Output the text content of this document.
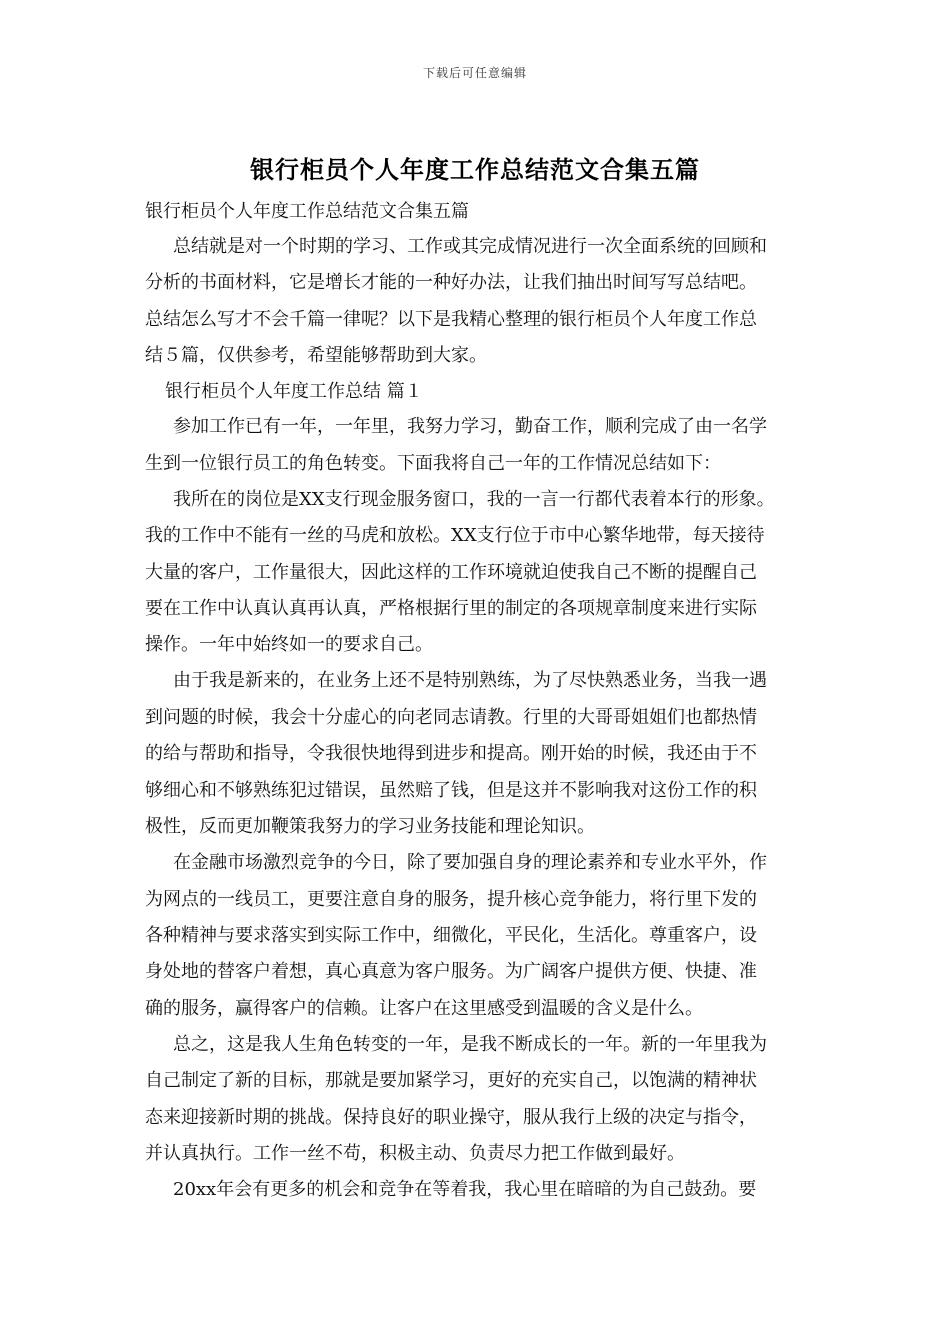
下载后可任意编辑
银行柜员个人年度工作总结范文合集五篇
银行柜员个人年度工作总结范文合集五篇
总结就是对一个时期的学习、工作或其完成情况进行一次全面系统的回顾和
分析的书面材料，它是增长才能的一种好办法，让我们抽出时间写写总结吧。
总结怎么写才不会千篇一律呢？以下是我精心整理的银行柜员个人年度工作总
结５篇，仅供参考，希望能够帮助到大家。
银行柜员个人年度工作总结 篇１
参加工作已有一年，一年里，我努力学习，勤奋工作，顺利完成了由一名学
生到一位银行员工的角色转变。下面我将自己一年的工作情况总结如下：
我所在的岗位是XX支行现金服务窗口，我的一言一行都代表着本行的形象。
我的工作中不能有一丝的马虎和放松。XX支行位于市中心繁华地带，每天接待
大量的客户，工作量很大，因此这样的工作环境就迫使我自己不断的提醒自己
要在工作中认真认真再认真，严格根据行里的制定的各项规章制度来进行实际
操作。一年中始终如一的要求自己。
由于我是新来的，在业务上还不是特别熟练，为了尽快熟悉业务，当我一遇
到问题的时候，我会十分虚心的向老同志请教。行里的大哥哥姐姐们也都热情
的给与帮助和指导，令我很快地得到进步和提高。刚开始的时候，我还由于不
够细心和不够熟练犯过错误，虽然赔了钱，但是这并不影响我对这份工作的积
极性，反而更加鞭策我努力的学习业务技能和理论知识。
在金融市场激烈竞争的今日，除了要加强自身的理论素养和专业水平外，作
为网点的一线员工，更要注意自身的服务，提升核心竞争能力，将行里下发的
各种精神与要求落实到实际工作中，细微化，平民化，生活化。尊重客户，设
身处地的替客户着想，真心真意为客户服务。为广阔客户提供方便、快捷、准
确的服务，赢得客户的信赖。让客户在这里感受到温暖的含义是什么。
总之，这是我人生角色转变的一年，是我不断成长的一年。新的一年里我为
自己制定了新的目标，那就是要加紧学习，更好的充实自己，以饱满的精神状
态来迎接新时期的挑战。保持良好的职业操守，服从我行上级的决定与指令，
并认真执行。工作一丝不苟，积极主动、负责尽力把工作做到最好。
20xx年会有更多的机会和竞争在等着我，我心里在暗暗的为自己鼓劲。要
